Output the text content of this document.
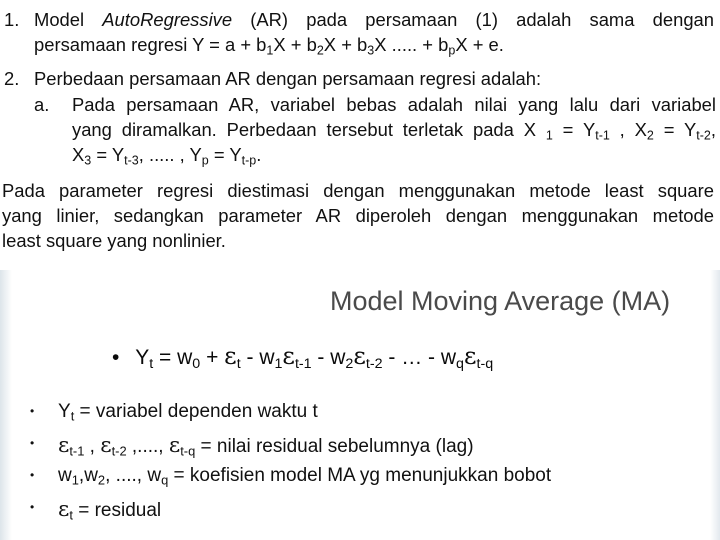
1. Model AutoRegressive (AR) pada persamaan (1) adalah sama dengan
persamaan regresi $Y = a + b_1X + b_2X + b_3X$ ..... + $b_pX + e$.
2. Perbedaan persamaan AR dengan persamaan regresi adalah:
a. Pada persamaan AR, variabel bebas adalah nilai yang lalu dari variabel
yang diramalkan. Perbedaan tersebut terletak pada X $_1 = Y_{t-1}$ , $X_2 = Y_{t-2}$,
$X_3 = Y_{t-3}$, ..... , $Y_p = Y_{t-p}$.
Pada parameter regresi diestimasi dengan menggunakan metode least square
yang linier, sedangkan parameter AR diperoleh dengan menggunakan metode
least square yang nonlinier.
Model Moving Average (MA)
• $Y_t = w_0 + \varepsilon_t - w_1\varepsilon_{t-1} - w_2\varepsilon_{t-2}$ - … - $w_q\varepsilon_{t-q}$
• $Y_t$ = variabel dependen waktu t
• $\varepsilon_{t-1}$ , $\varepsilon_{t-2}$ ,...., $\varepsilon_{t-q}$ = nilai residual sebelumnya (lag)
• $w_1,w_2$, ...., $w_q$ = koefisien model MA yg menunjukkan bobot
• $\varepsilon_t$ = residual
